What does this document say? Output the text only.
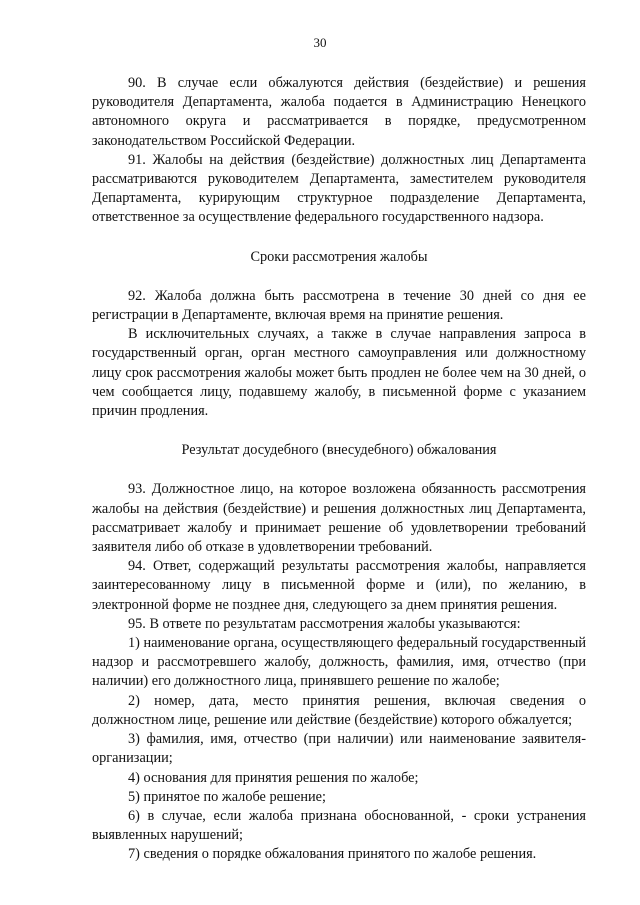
30

90. В случае если обжалуются действия (бездействие) и решения руководителя Департамента, жалоба подается в Администрацию Ненецкого автономного округа и рассматривается в порядке, предусмотренном законодательством Российской Федерации.

91. Жалобы на действия (бездействие) должностных лиц Департамента рассматриваются руководителем Департамента, заместителем руководителя Департамента, курирующим структурное подразделение Департамента, ответственное за осуществление федерального государственного надзора.

Сроки рассмотрения жалобы

92. Жалоба должна быть рассмотрена в течение 30 дней со дня ее регистрации в Департаменте, включая время на принятие решения.

В исключительных случаях, а также в случае направления запроса в государственный орган, орган местного самоуправления или должностному лицу срок рассмотрения жалобы может быть продлен не более чем на 30 дней, о чем сообщается лицу, подавшему жалобу, в письменной форме с указанием причин продления.

Результат досудебного (внесудебного) обжалования

93. Должностное лицо, на которое возложена обязанность рассмотрения жалобы на действия (бездействие) и решения должностных лиц Департамента, рассматривает жалобу и принимает решение об удовлетворении требований заявителя либо об отказе в удовлетворении требований.

94. Ответ, содержащий результаты рассмотрения жалобы, направляется заинтересованному лицу в письменной форме и (или), по желанию, в электронной форме не позднее дня, следующего за днем принятия решения.

95. В ответе по результатам рассмотрения жалобы указываются:

1) наименование органа, осуществляющего федеральный государственный надзор и рассмотревшего жалобу, должность, фамилия, имя, отчество (при наличии) его должностного лица, принявшего решение по жалобе;

2) номер, дата, место принятия решения, включая сведения о должностном лице, решение или действие (бездействие) которого обжалуется;

3) фамилия, имя, отчество (при наличии) или наименование заявителя-организации;

4) основания для принятия решения по жалобе;

5) принятое по жалобе решение;

6) в случае, если жалоба признана обоснованной, - сроки устранения выявленных нарушений;

7) сведения о порядке обжалования принятого по жалобе решения.
